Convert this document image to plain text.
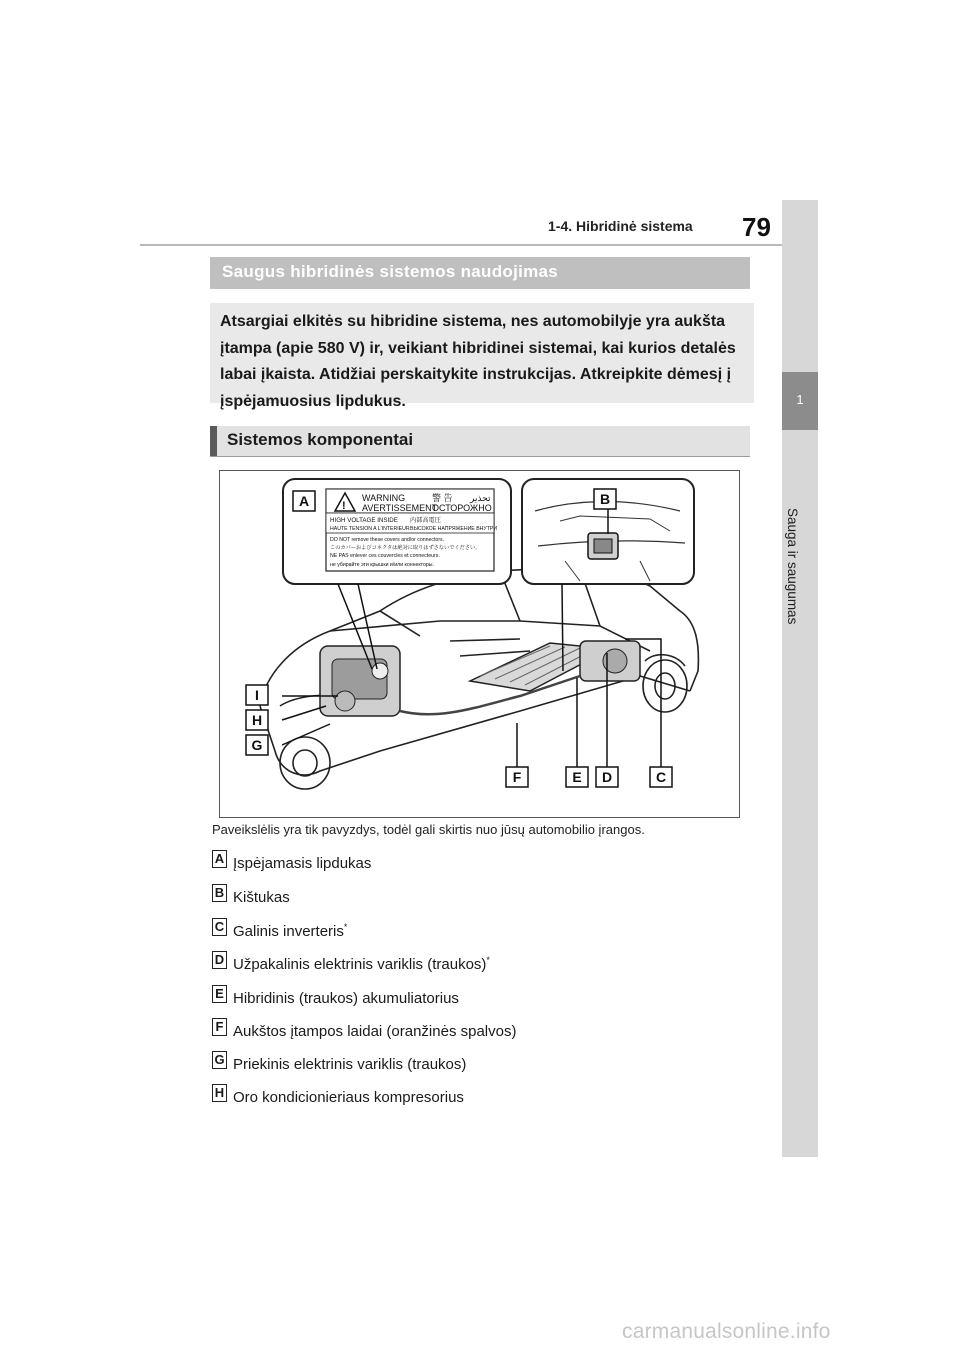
1-4. Hibridinė sistema 79
1
Sauga ir saugumas
Saugus hibridinės sistemos naudojimas

Atsargiai elkitės su hibridine sistema, nes automobilyje yra aukšta

įtampa (apie 580 V) ir, veikiant hibridinei sistemai, kai kurios detalės

labai įkaista. Atidžiai perskaitykite instrukcijas. Atkreipkite dėmesį į

įspėjamuosius lipdukus.

Sistemos komponentai
!
WARNING	警 告 تحذير
AVERTISSEMENT
ОСТОРОЖНО
HIGH VOLTAGE INSIDE 内部高電圧
HAUTE TENSION A L'INTERIEUR ВЫСОКОЕ НАПРЯЖЕНИЕ ВНУТРИ
DO NOT remove these covers and/or connectors.
このカバーおよびコネクタは絶対に取りはずさないでください。
NE PAS enlever ces couvercles et connecteurs.
не убирайте эти крышки и/или коннекторы.
A	B
I
H
G
F	E D	C
Paveikslėlis yra tik pavyzdys, todėl gali skirtis nuo jūsų automobilio įrangos.
A Įspėjamasis lipdukas
B Kištukas
C Galinis inverteris*
D Užpakalinis elektrinis variklis (traukos)*
E Hibridinis (traukos) akumuliatorius
F Aukštos įtampos laidai (oranžinės spalvos)
G Priekinis elektrinis variklis (traukos)
H Oro kondicionieriaus kompresorius
carmanualsonline.info
